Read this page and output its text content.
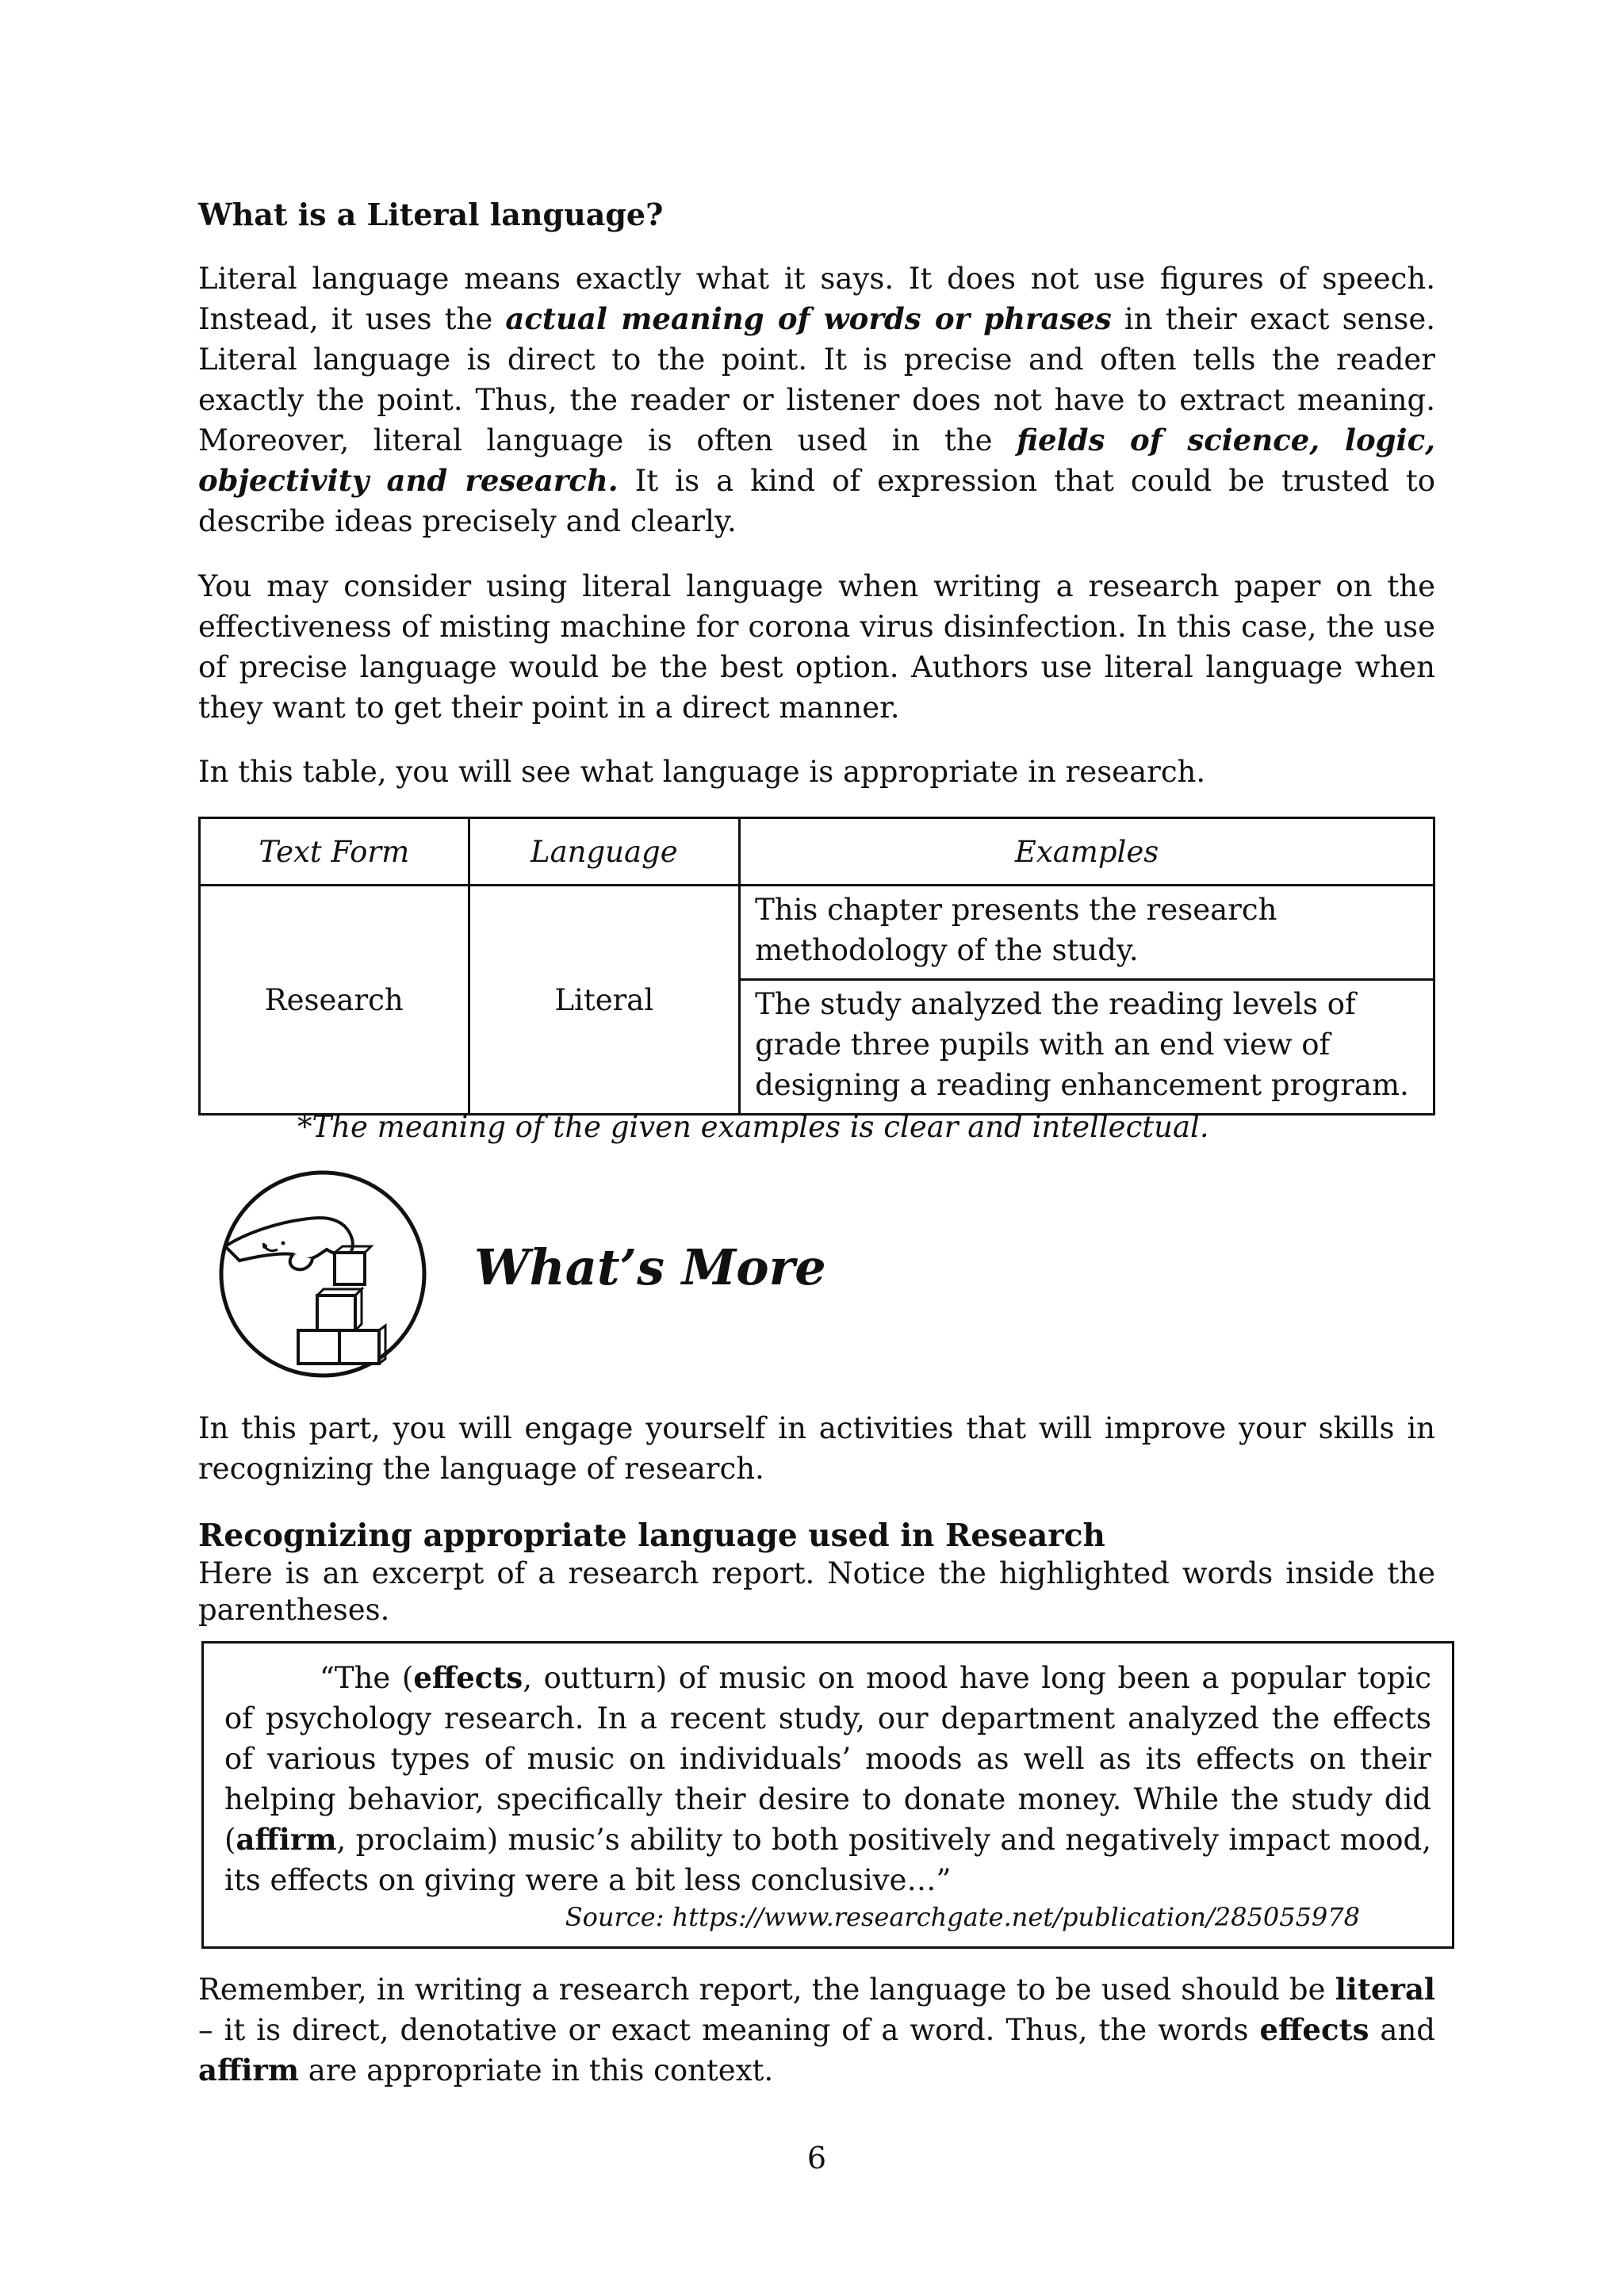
What is a Literal language?

Literal language means exactly what it says. It does not use figures of speech. Instead, it uses the actual meaning of words or phrases in their exact sense. Literal language is direct to the point. It is precise and often tells the reader exactly the point. Thus, the reader or listener does not have to extract meaning. Moreover, literal language is often used in the fields of science, logic, objectivity and research. It is a kind of expression that could be trusted to describe ideas precisely and clearly.

You may consider using literal language when writing a research paper on the effectiveness of misting machine for corona virus disinfection. In this case, the use of precise language would be the best option. Authors use literal language when they want to get their point in a direct manner.

In this table, you will see what language is appropriate in research.

Text Form	Language	Examples
Research	Literal	This chapter presents the research methodology of the study.
		The study analyzed the reading levels of grade three pupils with an end view of designing a reading enhancement program.

*The meaning of the given examples is clear and intellectual.

What’s More

In this part, you will engage yourself in activities that will improve your skills in recognizing the language of research.

Recognizing appropriate language used in Research

Here is an excerpt of a research report. Notice the highlighted words inside the parentheses.

“The (effects, outturn) of music on mood have long been a popular topic of psychology research. In a recent study, our department analyzed the effects of various types of music on individuals’ moods as well as its effects on their helping behavior, specifically their desire to donate money. While the study did (affirm, proclaim) music’s ability to both positively and negatively impact mood, its effects on giving were a bit less conclusive…”

Source: https://www.researchgate.net/publication/285055978

Remember, in writing a research report, the language to be used should be literal – it is direct, denotative or exact meaning of a word. Thus, the words effects and affirm are appropriate in this context.

6
